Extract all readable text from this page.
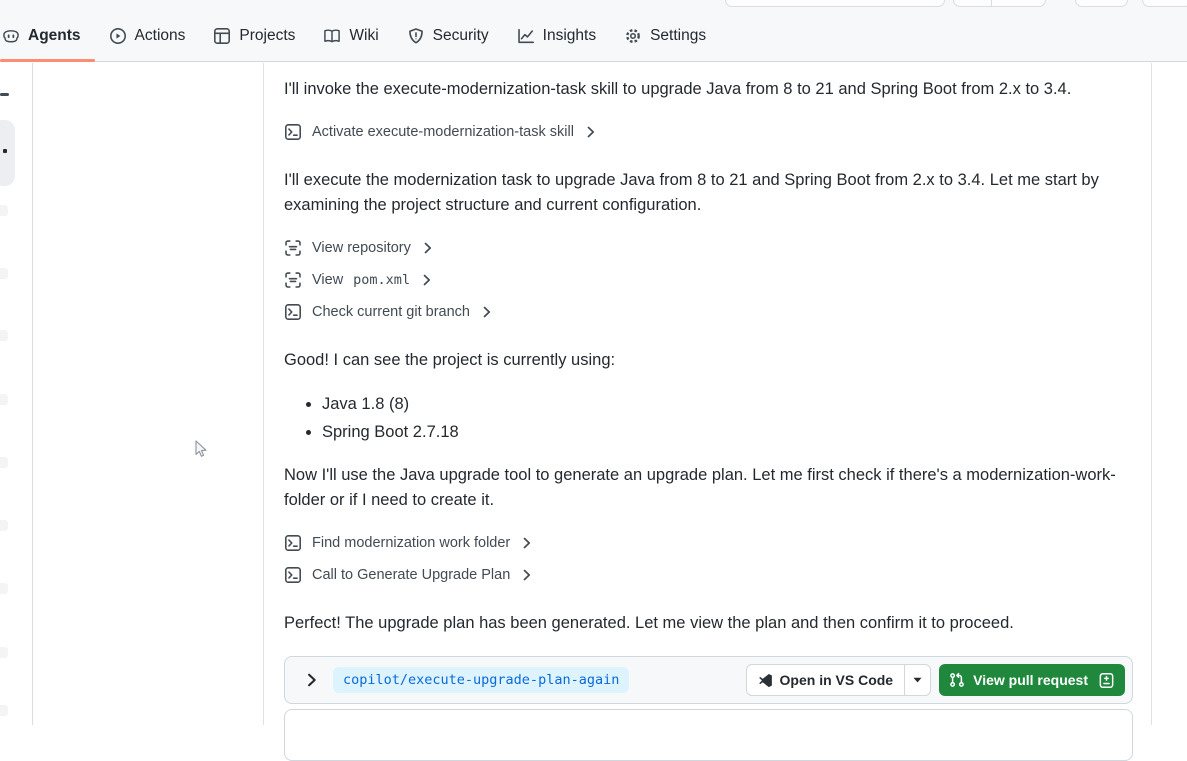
Agents	Actions	Projects	Wiki	Security	Insights	Settings

I'll invoke the execute-modernization-task skill to upgrade Java from 8 to 21 and Spring Boot from 2.x to 3.4.

Activate execute-modernization-task skill

I'll execute the modernization task to upgrade Java from 8 to 21 and Spring Boot from 2.x to 3.4. Let me start by examining the project structure and current configuration.

View repository
View pom.xml
Check current git branch

Good! I can see the project is currently using:

• Java 1.8 (8)
• Spring Boot 2.7.18

Now I'll use the Java upgrade tool to generate an upgrade plan. Let me first check if there's a modernization-work-folder or if I need to create it.

Find modernization work folder
Call to Generate Upgrade Plan

Perfect! The upgrade plan has been generated. Let me view the plan and then confirm it to proceed.

copilot/execute-upgrade-plan-again	Open in VS Code	View pull request
